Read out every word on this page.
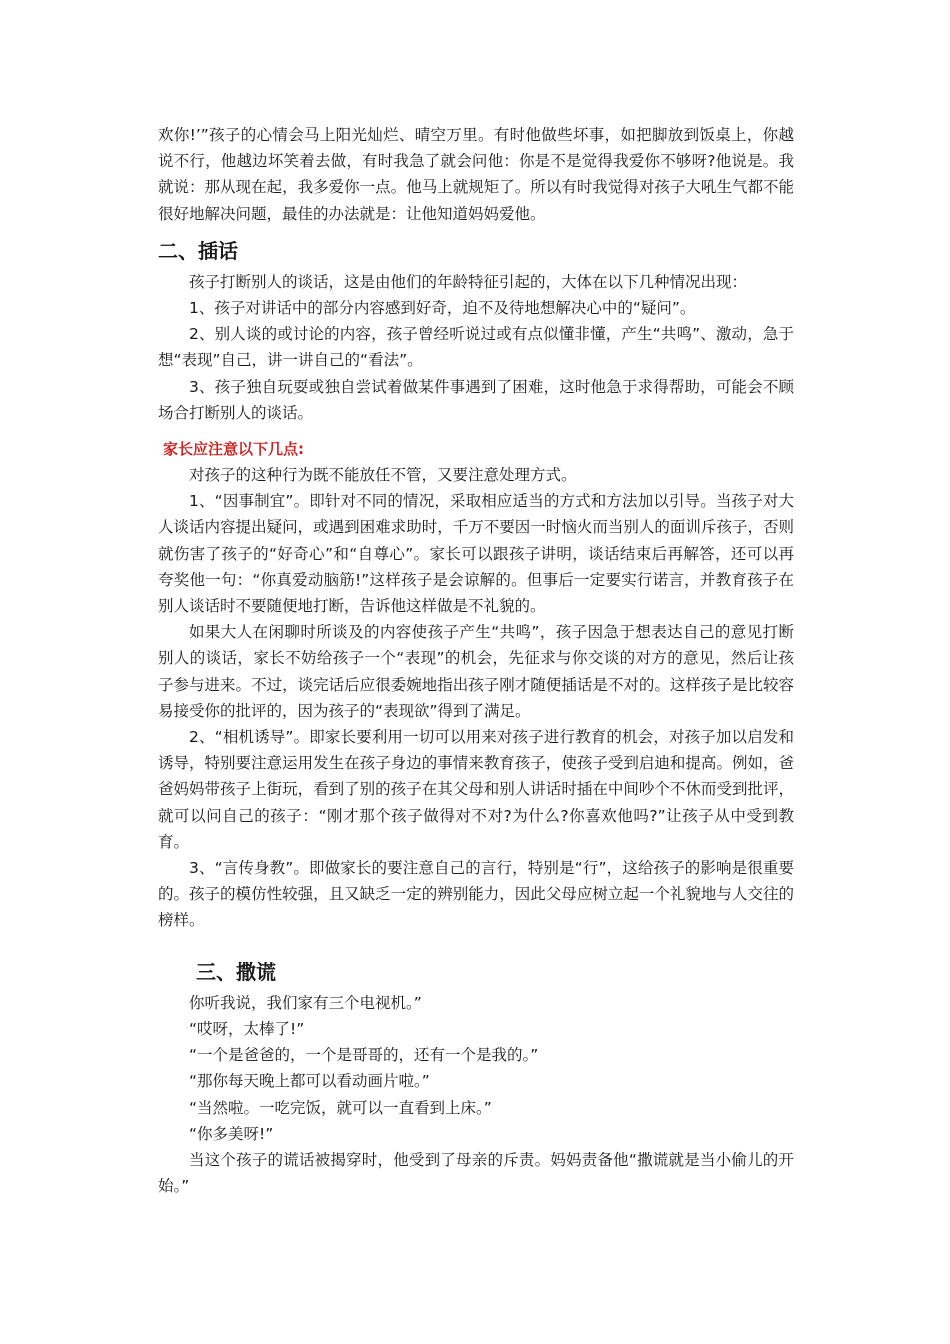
欢你!’”孩子的心情会马上阳光灿烂、晴空万里。有时他做些坏事，如把脚放到饭桌上，你越说不行，他越边坏笑着去做，有时我急了就会问他：你是不是觉得我爱你不够呀?他说是。我就说：那从现在起，我多爱你一点。他马上就规矩了。所以有时我觉得对孩子大吼生气都不能很好地解决问题，最佳的办法就是：让他知道妈妈爱他。

二、插话

孩子打断别人的谈话，这是由他们的年龄特征引起的，大体在以下几种情况出现：

1、孩子对讲话中的部分内容感到好奇，迫不及待地想解决心中的“疑问”。

2、别人谈的或讨论的内容，孩子曾经听说过或有点似懂非懂，产生“共鸣”、激动，急于想“表现”自己，讲一讲自己的“看法”。

3、孩子独自玩耍或独自尝试着做某件事遇到了困难，这时他急于求得帮助，可能会不顾场合打断别人的谈话。

家长应注意以下几点:

对孩子的这种行为既不能放任不管，又要注意处理方式。

1、“因事制宜”。即针对不同的情况，采取相应适当的方式和方法加以引导。当孩子对大人谈话内容提出疑问，或遇到困难求助时，千万不要因一时恼火而当别人的面训斥孩子，否则就伤害了孩子的“好奇心”和“自尊心”。家长可以跟孩子讲明，谈话结束后再解答，还可以再夸奖他一句：“你真爱动脑筋!”这样孩子是会谅解的。但事后一定要实行诺言，并教育孩子在别人谈话时不要随便地打断，告诉他这样做是不礼貌的。

如果大人在闲聊时所谈及的内容使孩子产生“共鸣”，孩子因急于想表达自己的意见打断别人的谈话，家长不妨给孩子一个“表现”的机会，先征求与你交谈的对方的意见，然后让孩子参与进来。不过，谈完话后应很委婉地指出孩子刚才随便插话是不对的。这样孩子是比较容易接受你的批评的，因为孩子的“表现欲”得到了满足。

2、“相机诱导”。即家长要利用一切可以用来对孩子进行教育的机会，对孩子加以启发和诱导，特别要注意运用发生在孩子身边的事情来教育孩子，使孩子受到启迪和提高。例如，爸爸妈妈带孩子上街玩，看到了别的孩子在其父母和别人讲话时插在中间吵个不休而受到批评，就可以问自己的孩子：“刚才那个孩子做得对不对?为什么?你喜欢他吗?”让孩子从中受到教育。

3、“言传身教”。即做家长的要注意自己的言行，特别是“行”，这给孩子的影响是很重要的。孩子的模仿性较强，且又缺乏一定的辨别能力，因此父母应树立起一个礼貌地与人交往的榜样。

三、撒谎

你听我说，我们家有三个电视机。”

“哎呀，太棒了!”

“一个是爸爸的，一个是哥哥的，还有一个是我的。”

“那你每天晚上都可以看动画片啦。”

“当然啦。一吃完饭，就可以一直看到上床。”

“你多美呀!”

当这个孩子的谎话被揭穿时，他受到了母亲的斥责。妈妈责备他“撒谎就是当小偷儿的开始。”
